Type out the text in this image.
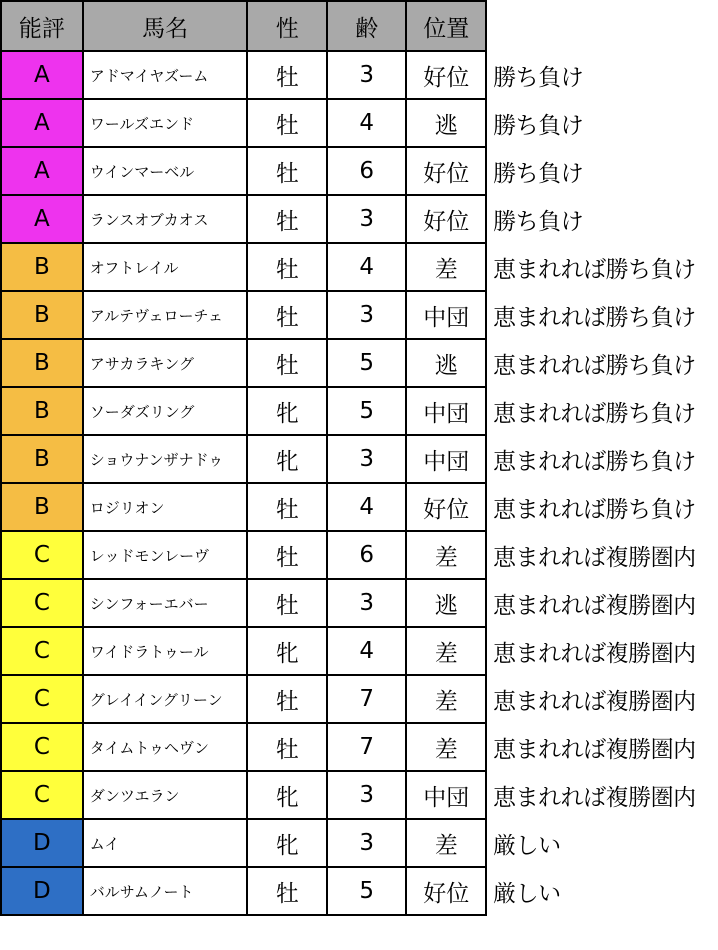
能評	馬名	性	齢	位置	
A	アドマイヤズーム	牡	3	好位	勝ち負け
A	ワールズエンド	牡	4	逃	勝ち負け
A	ウインマーベル	牡	6	好位	勝ち負け
A	ランスオブカオス	牡	3	好位	勝ち負け
B	オフトレイル	牡	4	差	恵まれれば勝ち負け
B	アルテヴェローチェ	牡	3	中団	恵まれれば勝ち負け
B	アサカラキング	牡	5	逃	恵まれれば勝ち負け
B	ソーダズリング	牝	5	中団	恵まれれば勝ち負け
B	ショウナンザナドゥ	牝	3	中団	恵まれれば勝ち負け
B	ロジリオン	牡	4	好位	恵まれれば勝ち負け
C	レッドモンレーヴ	牡	6	差	恵まれれば複勝圏内
C	シンフォーエバー	牡	3	逃	恵まれれば複勝圏内
C	ワイドラトゥール	牝	4	差	恵まれれば複勝圏内
C	グレイイングリーン	牡	7	差	恵まれれば複勝圏内
C	タイムトゥヘヴン	牡	7	差	恵まれれば複勝圏内
C	ダンツエラン	牝	3	中団	恵まれれば複勝圏内
D	ムイ	牝	3	差	厳しい
D	バルサムノート	牡	5	好位	厳しい
